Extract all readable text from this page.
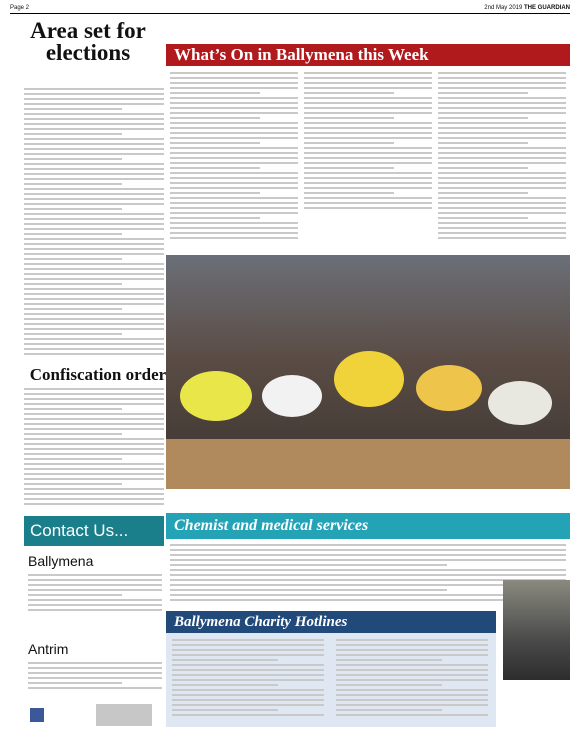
Page 2	2nd May 2019 THE GUARDIAN
Area set for elections
Confiscation order
What’s On in Ballymena this Week
Contact Us...
Ballymena
Antrim
Chemist and medical services
Ballymena Charity Hotlines
